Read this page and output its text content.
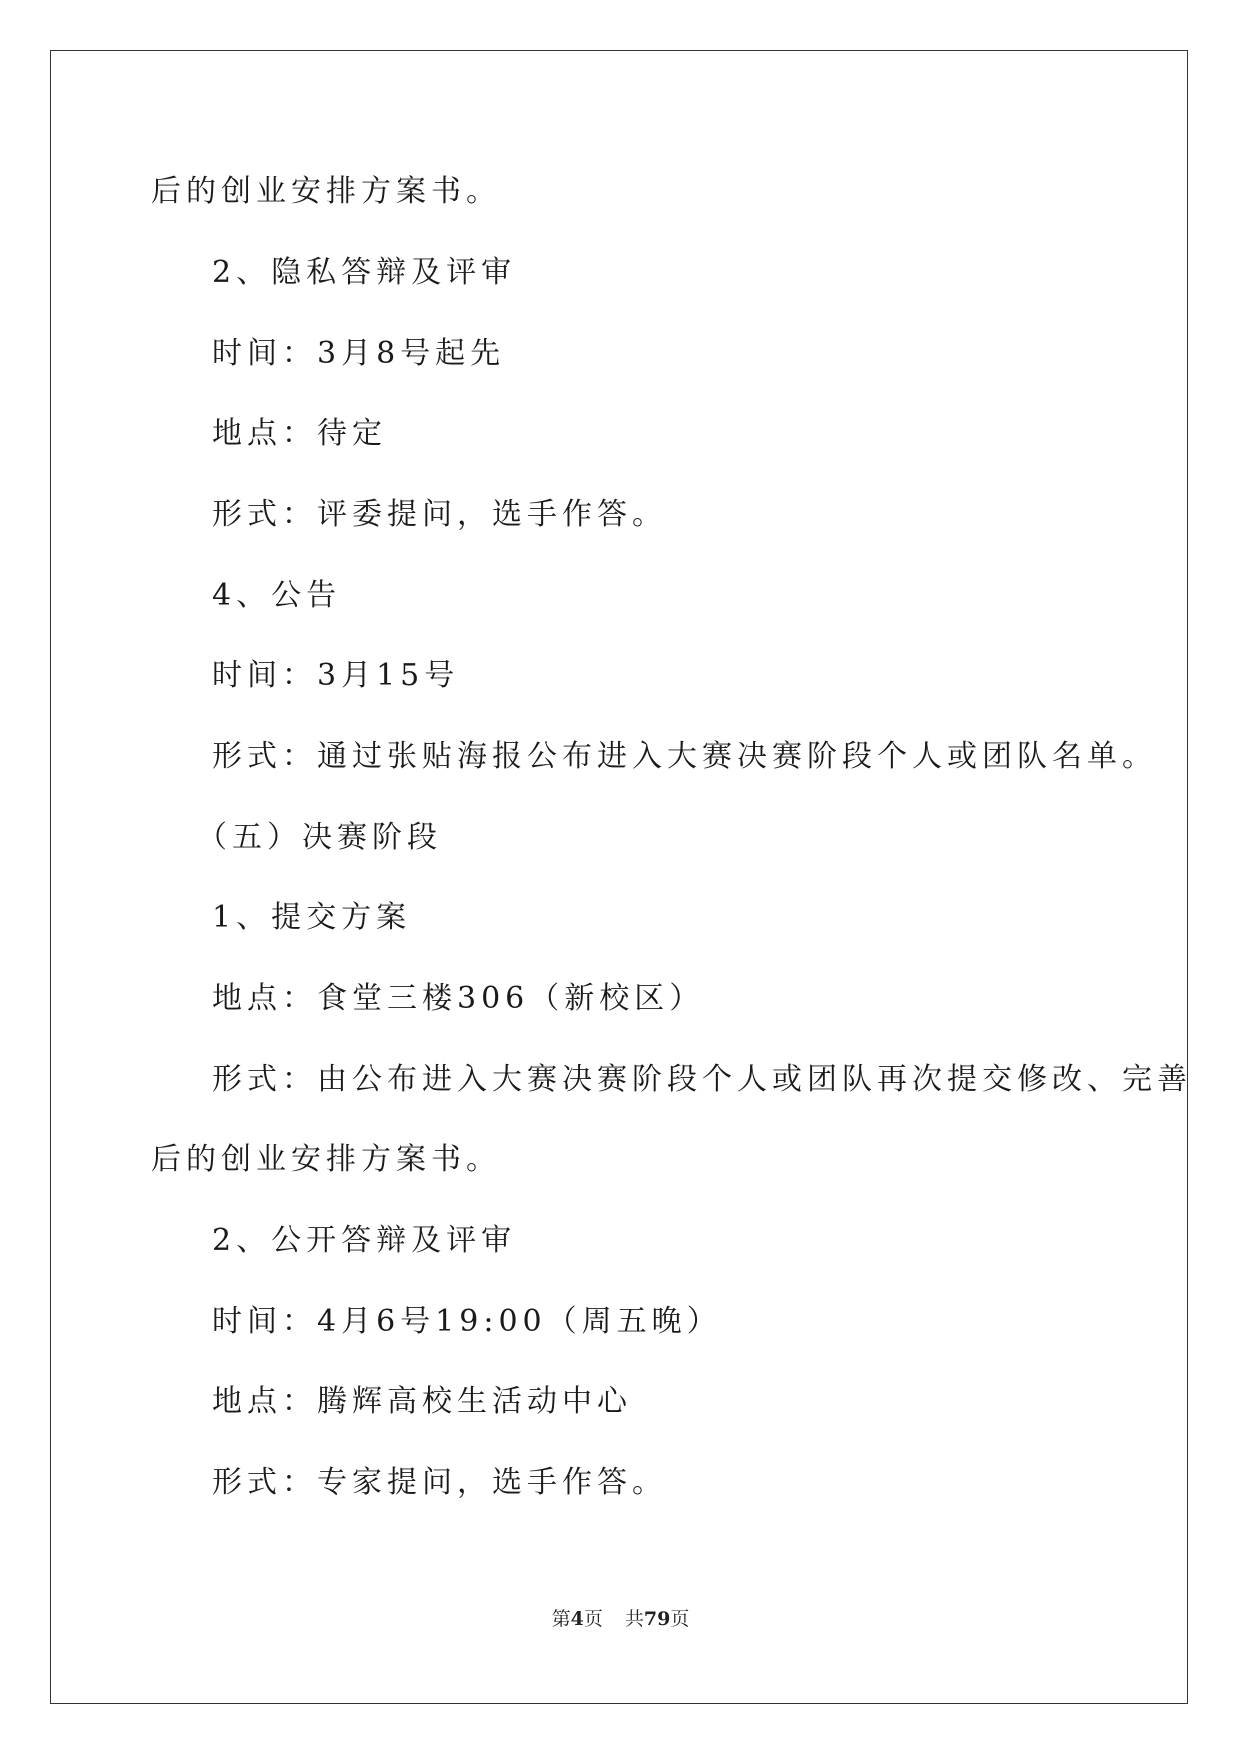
后的创业安排方案书。

2、隐私答辩及评审

时间：3月8号起先

地点：待定

形式：评委提问，选手作答。

4、公告

时间：3月15号

形式：通过张贴海报公布进入大赛决赛阶段个人或团队名单。

（五）决赛阶段

1、提交方案

地点：食堂三楼306（新校区）

形式：由公布进入大赛决赛阶段个人或团队再次提交修改、完善

后的创业安排方案书。

2、公开答辩及评审

时间：4月6号19:00（周五晚）

地点：腾辉高校生活动中心

形式：专家提问，选手作答。

第4页 共79页
